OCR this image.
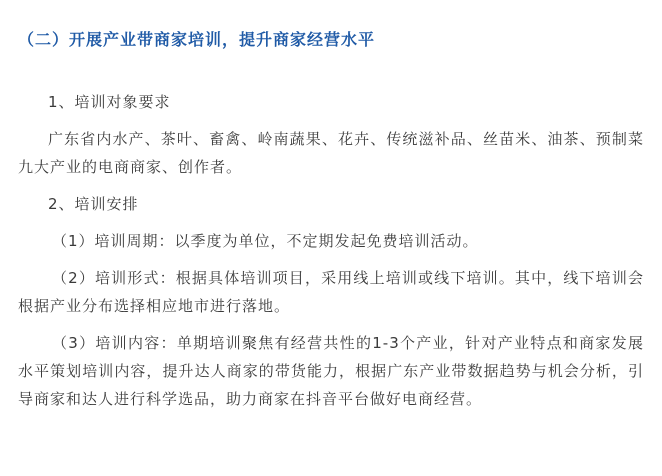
（二）开展产业带商家培训，提升商家经营水平
1、培训对象要求
广东省内水产、茶叶、畜禽、岭南蔬果、花卉、传统滋补品、丝苗米、油茶、预制菜九大产业的电商商家、创作者。
2、培训安排
（1）培训周期：以季度为单位，不定期发起免费培训活动。
（2）培训形式：根据具体培训项目，采用线上培训或线下培训。其中，线下培训会根据产业分布选择相应地市进行落地。
（3）培训内容：单期培训聚焦有经营共性的1-3个产业，针对产业特点和商家发展水平策划培训内容，提升达人商家的带货能力，根据广东产业带数据趋势与机会分析，引导商家和达人进行科学选品，助力商家在抖音平台做好电商经营。
